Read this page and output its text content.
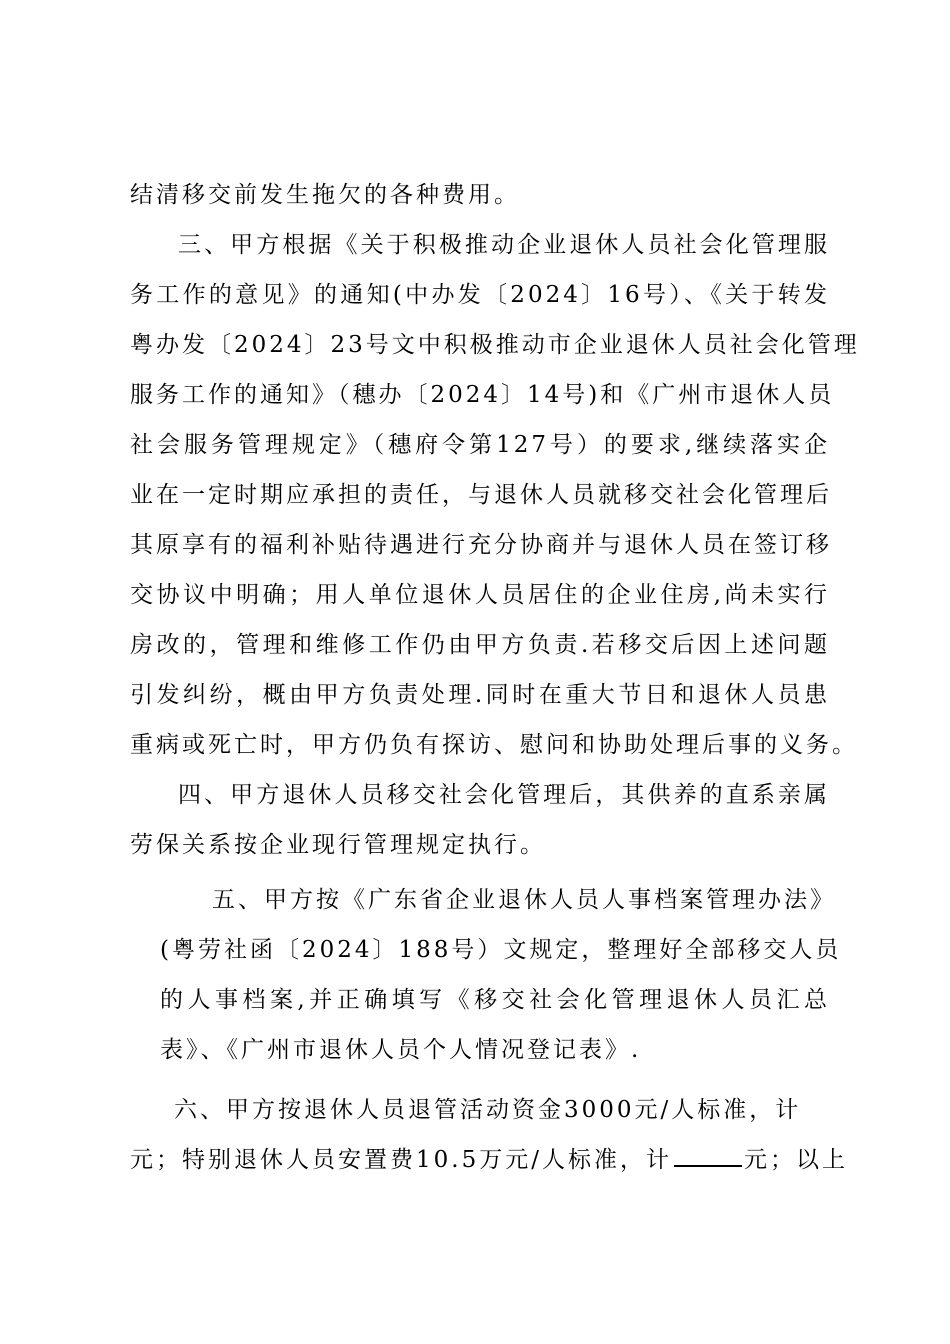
结清移交前发生拖欠的各种费用。
三、甲方根据《关于积极推动企业退休人员社会化管理服
务工作的意见》的通知(中办发〔2024〕16号）、《关于转发
粤办发〔2024〕23号文中积极推动市企业退休人员社会化管理
服务工作的通知》（穗办〔2024〕14号)和《广州市退休人员
社会服务管理规定》（穗府令第127号）的要求,继续落实企
业在一定时期应承担的责任，与退休人员就移交社会化管理后
其原享有的福利补贴待遇进行充分协商并与退休人员在签订移
交协议中明确；用人单位退休人员居住的企业住房,尚未实行
房改的，管理和维修工作仍由甲方负责.若移交后因上述问题
引发纠纷，概由甲方负责处理.同时在重大节日和退休人员患
重病或死亡时，甲方仍负有探访、慰问和协助处理后事的义务。
四、甲方退休人员移交社会化管理后，其供养的直系亲属
劳保关系按企业现行管理规定执行。
五、甲方按《广东省企业退休人员人事档案管理办法》
(粤劳社函〔2024〕188号）文规定，整理好全部移交人员
的人事档案,并正确填写《移交社会化管理退休人员汇总
表》、《广州市退休人员个人情况登记表》.
六、甲方按退休人员退管活动资金3000元/人标准，计
元；特别退休人员安置费10.5万元/人标准，计	元；以上
